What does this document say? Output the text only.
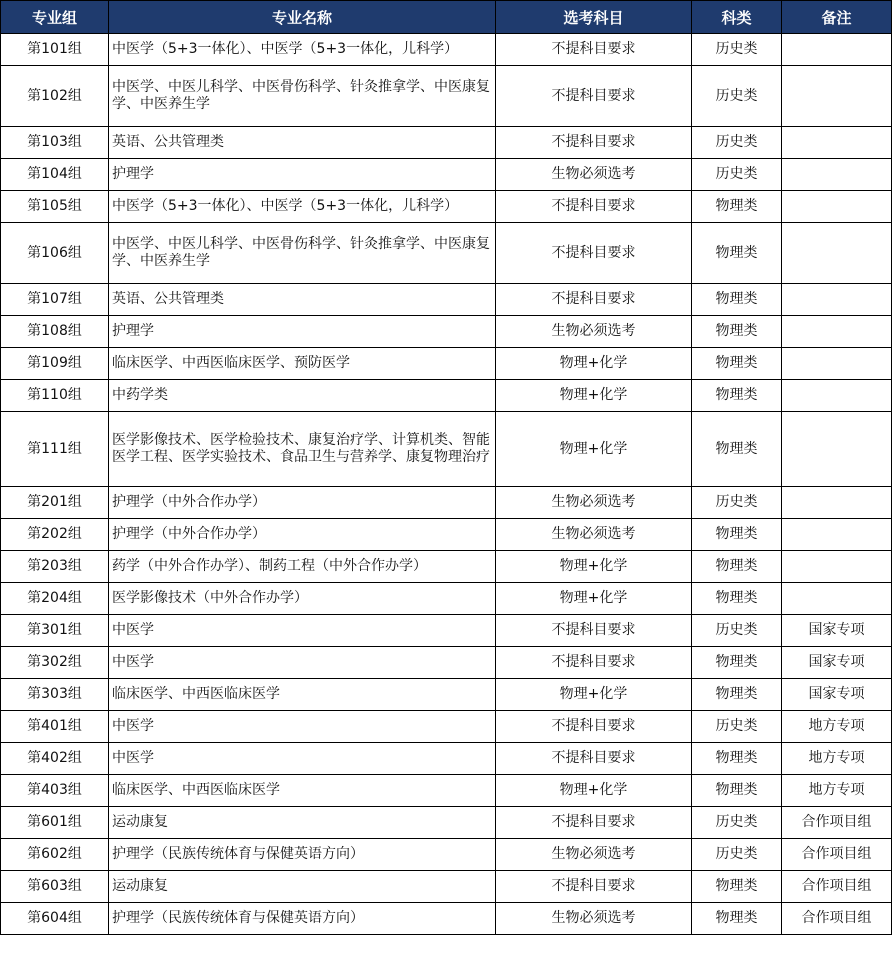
专业组	专业名称	选考科目	科类	备注
第101组	中医学（5+3一体化）、中医学（5+3一体化，儿科学）	不提科目要求	历史类	
第102组	中医学、中医儿科学、中医骨伤科学、针灸推拿学、中医康复学、中医养生学	不提科目要求	历史类	
第103组	英语、公共管理类	不提科目要求	历史类	
第104组	护理学	生物必须选考	历史类	
第105组	中医学（5+3一体化）、中医学（5+3一体化，儿科学）	不提科目要求	物理类	
第106组	中医学、中医儿科学、中医骨伤科学、针灸推拿学、中医康复学、中医养生学	不提科目要求	物理类	
第107组	英语、公共管理类	不提科目要求	物理类	
第108组	护理学	生物必须选考	物理类	
第109组	临床医学、中西医临床医学、预防医学	物理+化学	物理类	
第110组	中药学类	物理+化学	物理类	
第111组	医学影像技术、医学检验技术、康复治疗学、计算机类、智能医学工程、医学实验技术、食品卫生与营养学、康复物理治疗	物理+化学	物理类	
第201组	护理学（中外合作办学）	生物必须选考	历史类	
第202组	护理学（中外合作办学）	生物必须选考	物理类	
第203组	药学（中外合作办学）、制药工程（中外合作办学）	物理+化学	物理类	
第204组	医学影像技术（中外合作办学）	物理+化学	物理类	
第301组	中医学	不提科目要求	历史类	国家专项
第302组	中医学	不提科目要求	物理类	国家专项
第303组	临床医学、中西医临床医学	物理+化学	物理类	国家专项
第401组	中医学	不提科目要求	历史类	地方专项
第402组	中医学	不提科目要求	物理类	地方专项
第403组	临床医学、中西医临床医学	物理+化学	物理类	地方专项
第601组	运动康复	不提科目要求	历史类	合作项目组
第602组	护理学（民族传统体育与保健英语方向）	生物必须选考	历史类	合作项目组
第603组	运动康复	不提科目要求	物理类	合作项目组
第604组	护理学（民族传统体育与保健英语方向）	生物必须选考	物理类	合作项目组
